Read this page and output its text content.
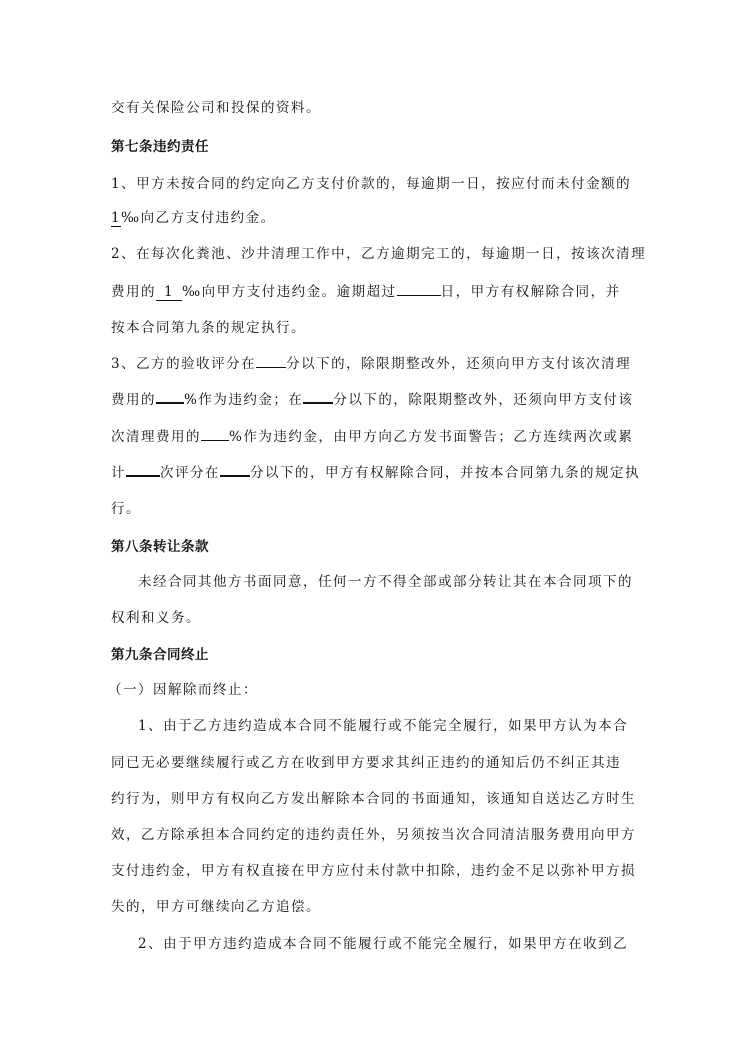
交有关保险公司和投保的资料。
第七条违约责任
1、甲方未按合同的约定向乙方支付价款的，每逾期一日，按应付而未付金额的
1‰向乙方支付违约金。
2、在每次化粪池、沙井清理工作中，乙方逾期完工的，每逾期一日，按该次清理
费用的 1 ‰向甲方支付违约金。逾期超过	日，甲方有权解除合同，并
按本合同第九条的规定执行。
3、乙方的验收评分在 分以下的，除限期整改外，还须向甲方支付该次清理
费用的 %作为违约金；在 分以下的，除限期整改外，还须向甲方支付该
次清理费用的 %作为违约金，由甲方向乙方发书面警告；乙方连续两次或累
计	次评分在 分以下的，甲方有权解除合同，并按本合同第九条的规定执
行。
第八条转让条款
未经合同其他方书面同意，任何一方不得全部或部分转让其在本合同项下的
权利和义务。
第九条合同终止
（一）因解除而终止：
1、由于乙方违约造成本合同不能履行或不能完全履行，如果甲方认为本合
同已无必要继续履行或乙方在收到甲方要求其纠正违约的通知后仍不纠正其违
约行为，则甲方有权向乙方发出解除本合同的书面通知，该通知自送达乙方时生
效，乙方除承担本合同约定的违约责任外，另须按当次合同清洁服务费用向甲方
支付违约金，甲方有权直接在甲方应付未付款中扣除，违约金不足以弥补甲方损
失的，甲方可继续向乙方追偿。
2、由于甲方违约造成本合同不能履行或不能完全履行，如果甲方在收到乙
